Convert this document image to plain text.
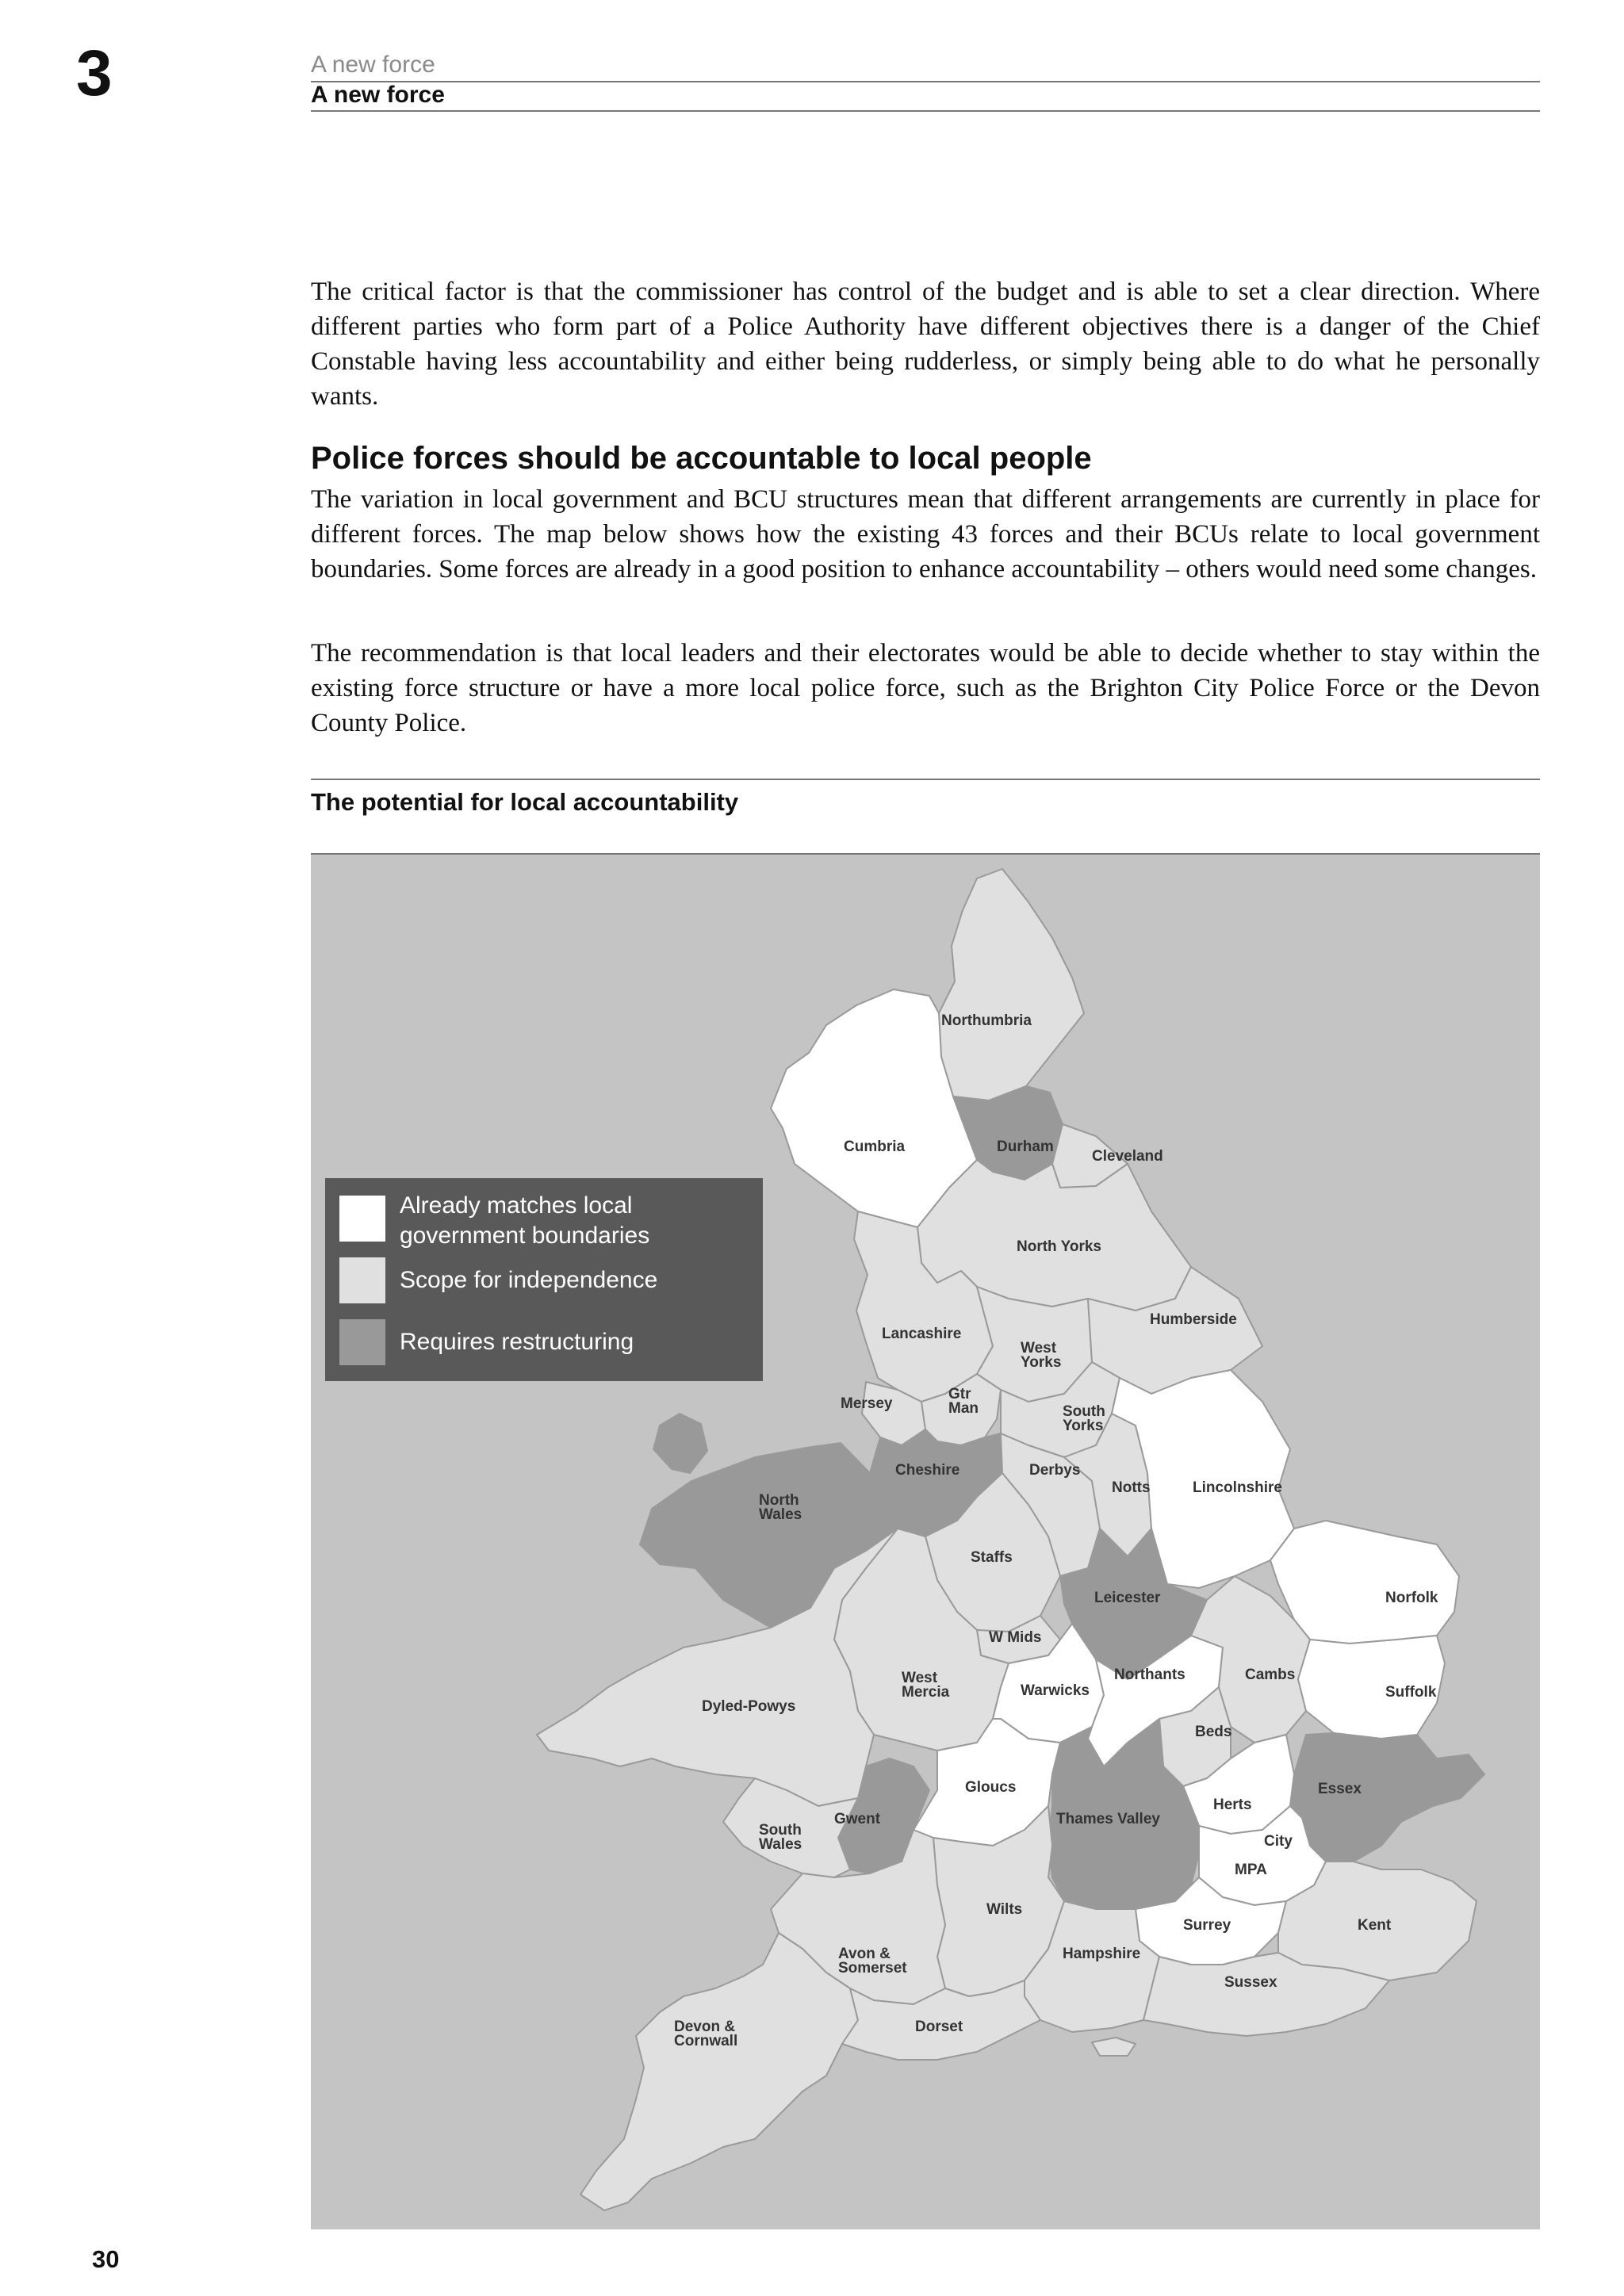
3	A new force
A new force

The critical factor is that the commissioner has control of the budget and is able to set a clear direction. Where different parties who form part of a Police Authority have different objectives there is a danger of the Chief Constable having less accountability and either being rudderless, or simply being able to do what he personally wants.

Police forces should be accountable to local people

The variation in local government and BCU structures mean that different arrangements are currently in place for different forces. The map below shows how the existing 43 forces and their BCUs relate to local government boundaries. Some forces are already in a good position to enhance accountability – others would need some changes.

The recommendation is that local leaders and their electorates would be able to decide whether to stay within the existing force structure or have a more local police force, such as the Brighton City Police Force or the Devon County Police.

The potential for local accountability
Northumbria
Cumbria	Durham
Cleveland
North Yorks
Lancashire
West
Yorks
Humberside
Mersey
Gtr
Man	South
Yorks
Cheshire	Derbys
Notts	Lincolnshire
North
Wales
Staffs
Leicester	Norfolk
W Mids
West
Mercia	Warwicks
Northants	Cambs
Suffolk
Dyled-Powys
Beds
Gloucs
Herts
Essex
South
Wales
Gwent	Thames Valley
City
MPA
Wilts
Surrey	Kent
Avon &
Somerset
Hampshire
Sussex
Devon &
Cornwall
Dorset
Already matches local government boundaries
Scope for independence
Requires restructuring
30
